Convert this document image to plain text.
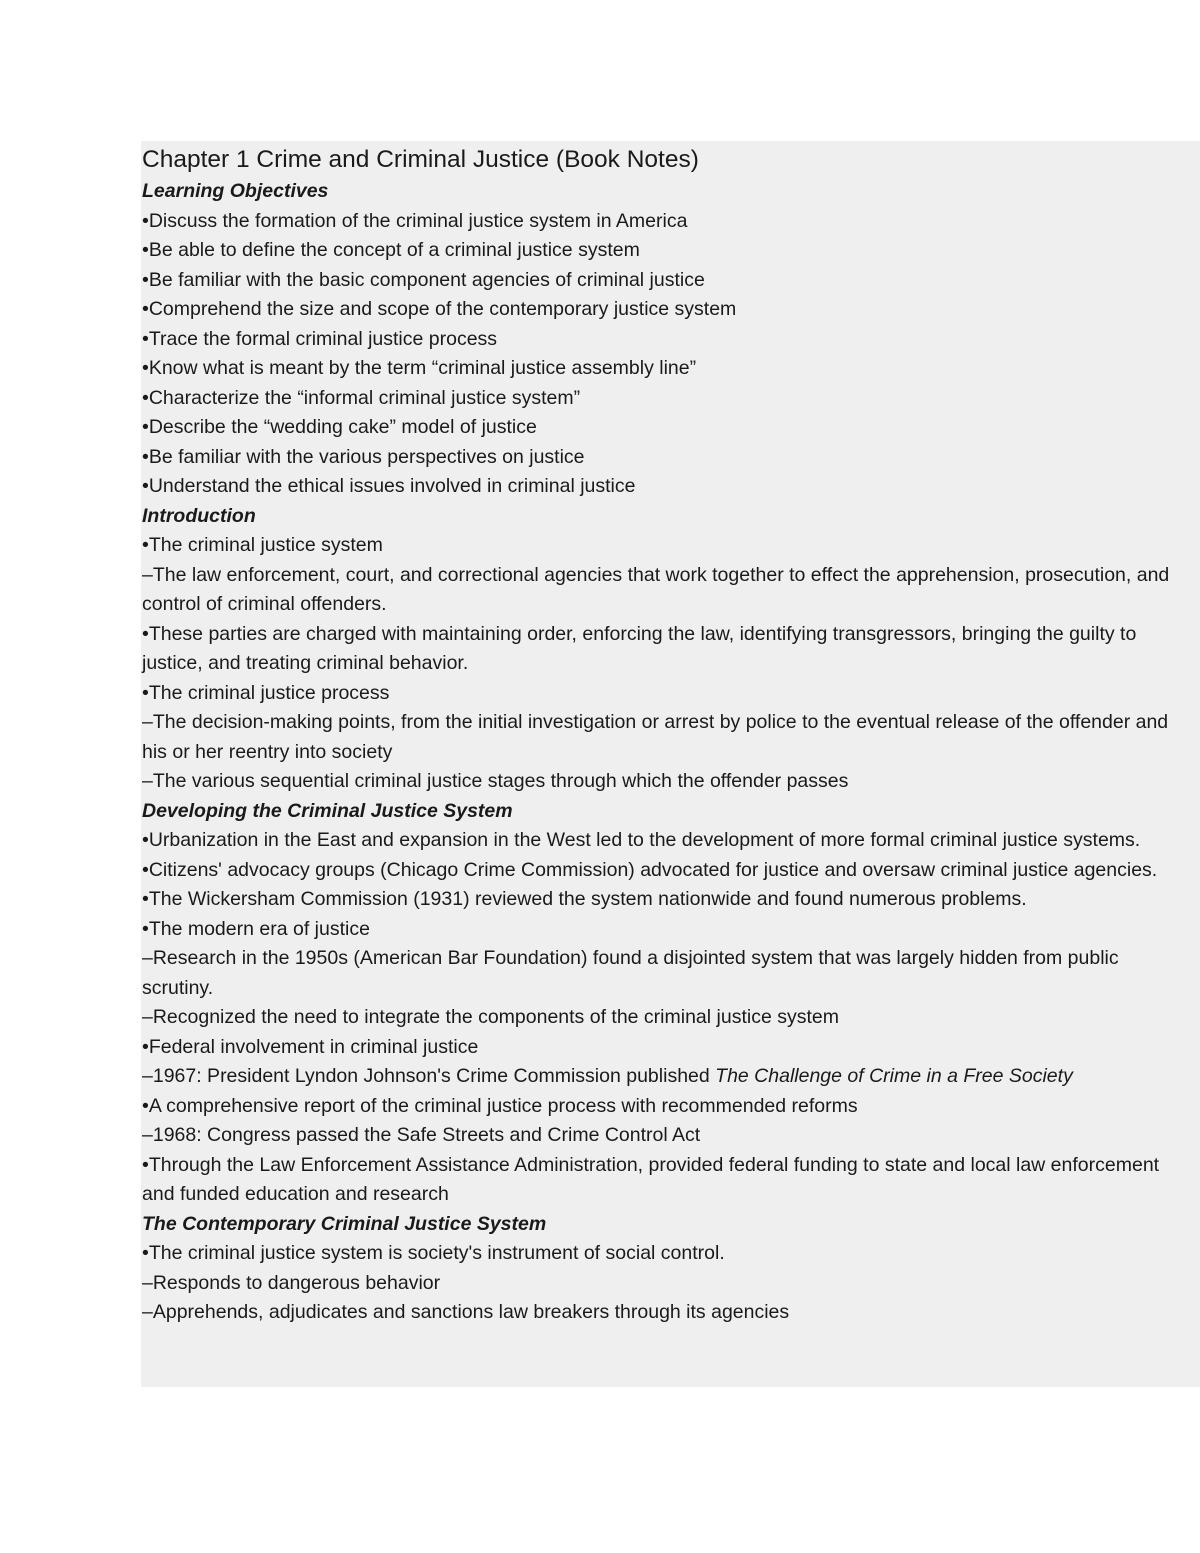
Chapter 1 Crime and Criminal Justice (Book Notes)
Learning Objectives

•Discuss the formation of the criminal justice system in America

•Be able to define the concept of a criminal justice system

•Be familiar with the basic component agencies of criminal justice

•Comprehend the size and scope of the contemporary justice system

•Trace the formal criminal justice process

•Know what is meant by the term “criminal justice assembly line”

•Characterize the “informal criminal justice system”

•Describe the “wedding cake” model of justice

•Be familiar with the various perspectives on justice

•Understand the ethical issues involved in criminal justice

Introduction

•The criminal justice system

–The law enforcement, court, and correctional agencies that work together to effect the apprehension, prosecution, and control of criminal offenders.

•These parties are charged with maintaining order, enforcing the law, identifying transgressors, bringing the guilty to justice, and treating criminal behavior.

•The criminal justice process

–The decision-making points, from the initial investigation or arrest by police to the eventual release of the offender and his or her reentry into society

–The various sequential criminal justice stages through which the offender passes

Developing the Criminal Justice System

•Urbanization in the East and expansion in the West led to the development of more formal criminal justice systems.

•Citizens' advocacy groups (Chicago Crime Commission) advocated for justice and oversaw criminal justice agencies.

•The Wickersham Commission (1931) reviewed the system nationwide and found numerous problems.

•The modern era of justice

–Research in the 1950s (American Bar Foundation) found a disjointed system that was largely hidden from public scrutiny.

–Recognized the need to integrate the components of the criminal justice system

•Federal involvement in criminal justice

–1967: President Lyndon Johnson's Crime Commission published The Challenge of Crime in a Free Society

•A comprehensive report of the criminal justice process with recommended reforms

–1968: Congress passed the Safe Streets and Crime Control Act

•Through the Law Enforcement Assistance Administration, provided federal funding to state and local law enforcement and funded education and research

The Contemporary Criminal Justice System

•The criminal justice system is society's instrument of social control.

–Responds to dangerous behavior

–Apprehends, adjudicates and sanctions law breakers through its agencies
